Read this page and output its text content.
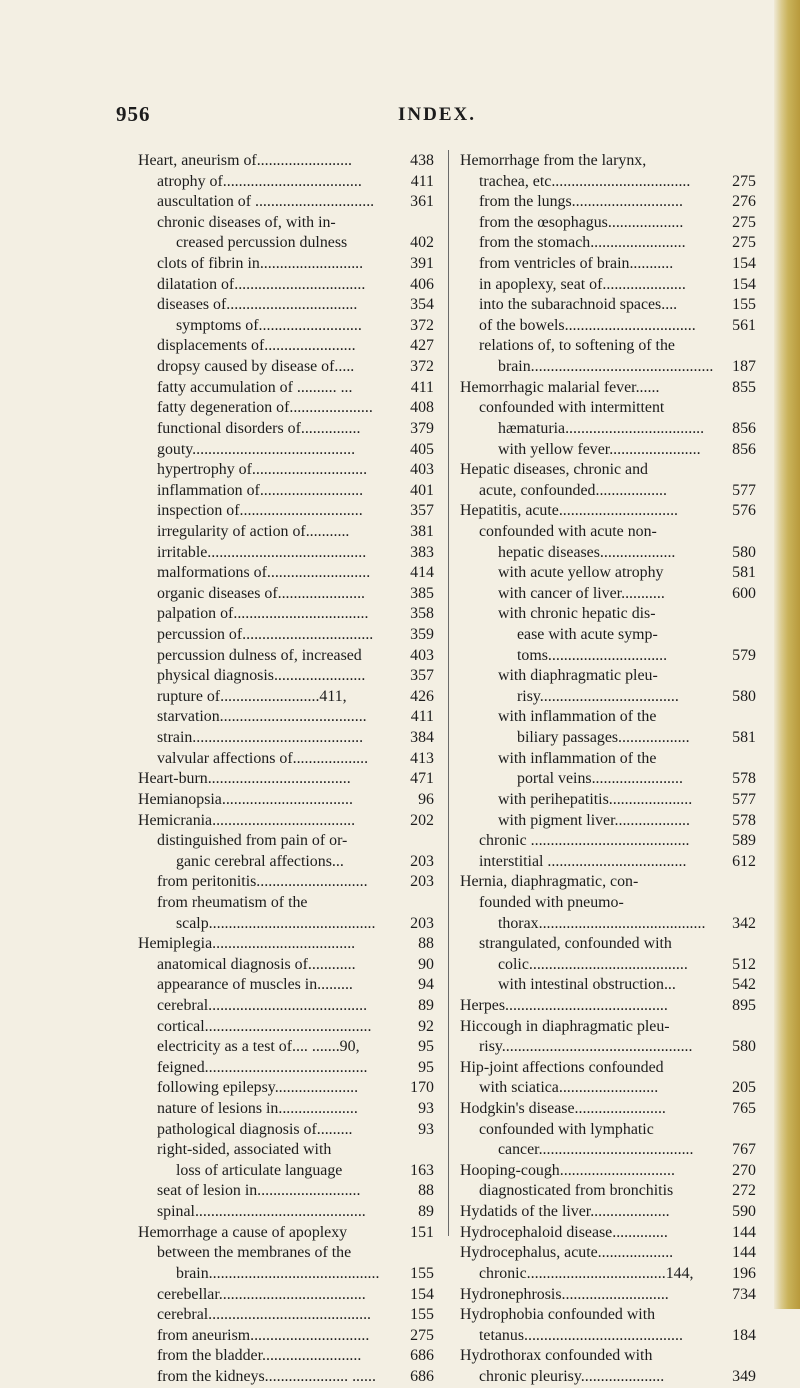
956	INDEX.
Heart, aneurism of........................	438
atrophy of...................................	411
auscultation of .............................. 361
chronic diseases of, with in-
creased percussion dulness	402
clots of fibrin in..........................	391
dilatation of.................................	406
diseases of.................................	354
symptoms of..........................	372
displacements of.......................	427
dropsy caused by disease of.....	372
fatty accumulation of .......... ...	411
fatty degeneration of..................... 408
functional disorders of...............	379
gouty.........................................	405
hypertrophy of.............................	403
inflammation of..........................	401
inspection of...............................	357
irregularity of action of...........	381
irritable........................................	383
malformations of..........................	414
organic diseases of......................	385
palpation of..................................	358
percussion of................................. 359
percussion dulness of, increased	403
physical diagnosis.......................	357
rupture of.........................411,	426
starvation.....................................	411
strain...........................................	384
valvular affections of...................	413
Heart-burn....................................	471
Hemianopsia.................................	96
Hemicrania....................................	202
distinguished from pain of or-
ganic cerebral affections...	203
from peritonitis............................	203
from rheumatism of the
scalp.......................................... 203
Hemiplegia....................................	88
anatomical diagnosis of............	90
appearance of muscles in.........	94
cerebral........................................	89
cortical..........................................	92
electricity as a test of.... .......90,	95
feigned.........................................	95
following epilepsy.....................	170
nature of lesions in....................	93
pathological diagnosis of.........	93
right-sided, associated with
loss of articulate language	163
seat of lesion in..........................	88
spinal...........................................	89
Hemorrhage a cause of apoplexy	151
between the membranes of the
brain........................................... 155
cerebellar.....................................	154
cerebral......................................... 155
from aneurism..............................	275
from the bladder.........................	686
from the kidneys..................... ...... 686
Hemorrhage from the larynx,
trachea, etc...................................	275
from the lungs............................	276
from the œsophagus...................	275
from the stomach........................	275
from ventricles of brain...........	154
in apoplexy, seat of.....................	154
into the subarachnoid spaces....	155
of the bowels................................. 561
relations of, to softening of the
brain.............................................. 187
Hemorrhagic malarial fever......	855
confounded with intermittent
hæmaturia................................... 856
with yellow fever....................... 856
Hepatic diseases, chronic and
acute, confounded..................	577
Hepatitis, acute..............................	576
confounded with acute non-
hepatic diseases...................	580
with acute yellow atrophy	581
with cancer of liver...........	600
with chronic hepatic dis-
ease with acute symp-
toms..............................	579
with diaphragmatic pleu-
risy...................................	580
with inflammation of the
biliary passages..................	581
with inflammation of the
portal veins.......................	578
with perihepatitis.....................	577
with pigment liver...................	578
chronic ........................................	589
interstitial ...................................	612
Hernia, diaphragmatic, con-
founded with pneumo-
thorax.......................................... 342
strangulated, confounded with
colic........................................	512
with intestinal obstruction...	542
Herpes.........................................	895
Hiccough in diaphragmatic pleu-
risy................................................ 580
Hip-joint affections confounded
with sciatica.........................	205
Hodgkin's disease.......................	765
confounded with lymphatic
cancer....................................... 767
Hooping-cough.............................	270
diagnosticated from bronchitis	272
Hydatids of the liver....................	590
Hydrocephaloid disease..............	144
Hydrocephalus, acute...................	144
chronic...................................144, 196
Hydronephrosis...........................	734
Hydrophobia confounded with
tetanus........................................	184
Hydrothorax confounded with
chronic pleurisy.....................	349
